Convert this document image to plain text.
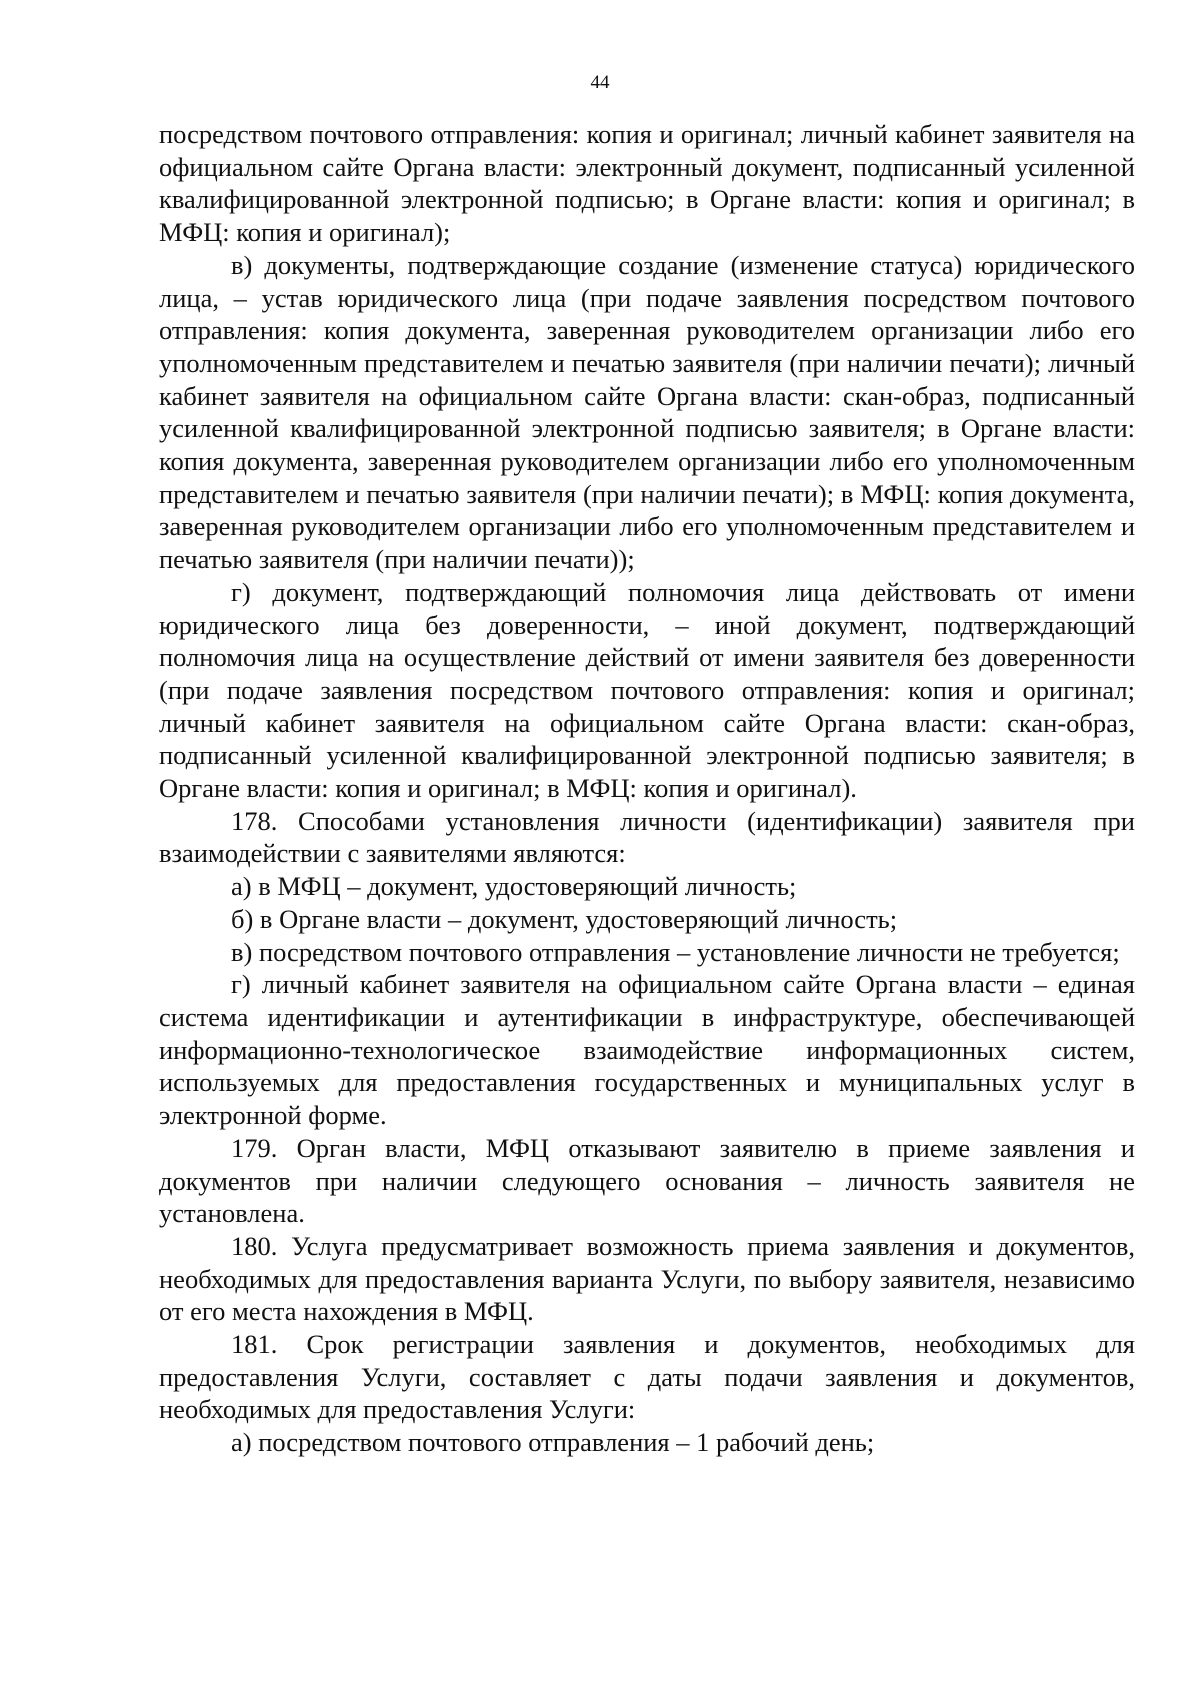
44

посредством почтового отправления: копия и оригинал; личный кабинет заявителя на официальном сайте Органа власти: электронный документ, подписанный усиленной квалифицированной электронной подписью; в Органе власти: копия и оригинал; в МФЦ: копия и оригинал);

в) документы, подтверждающие создание (изменение статуса) юридического лица, – устав юридического лица (при подаче заявления посредством почтового отправления: копия документа, заверенная руководителем организации либо его уполномоченным представителем и печатью заявителя (при наличии печати); личный кабинет заявителя на официальном сайте Органа власти: скан-образ, подписанный усиленной квалифицированной электронной подписью заявителя; в Органе власти: копия документа, заверенная руководителем организации либо его уполномоченным представителем и печатью заявителя (при наличии печати); в МФЦ: копия документа, заверенная руководителем организации либо его уполномоченным представителем и печатью заявителя (при наличии печати));

г) документ, подтверждающий полномочия лица действовать от имени юридического лица без доверенности, – иной документ, подтверждающий полномочия лица на осуществление действий от имени заявителя без доверенности (при подаче заявления посредством почтового отправления: копия и оригинал; личный кабинет заявителя на официальном сайте Органа власти: скан-образ, подписанный усиленной квалифицированной электронной подписью заявителя; в Органе власти: копия и оригинал; в МФЦ: копия и оригинал).

178. Способами установления личности (идентификации) заявителя при взаимодействии с заявителями являются:

а) в МФЦ – документ, удостоверяющий личность;

б) в Органе власти – документ, удостоверяющий личность;

в) посредством почтового отправления – установление личности не требуется;

г) личный кабинет заявителя на официальном сайте Органа власти – единая система идентификации и аутентификации в инфраструктуре, обеспечивающей информационно-технологическое взаимодействие информационных систем, используемых для предоставления государственных и муниципальных услуг в электронной форме.

179. Орган власти, МФЦ отказывают заявителю в приеме заявления и документов при наличии следующего основания – личность заявителя не установлена.

180. Услуга предусматривает возможность приема заявления и документов, необходимых для предоставления варианта Услуги, по выбору заявителя, независимо от его места нахождения в МФЦ.

181. Срок регистрации заявления и документов, необходимых для предоставления Услуги, составляет с даты подачи заявления и документов, необходимых для предоставления Услуги:

а) посредством почтового отправления – 1 рабочий день;
